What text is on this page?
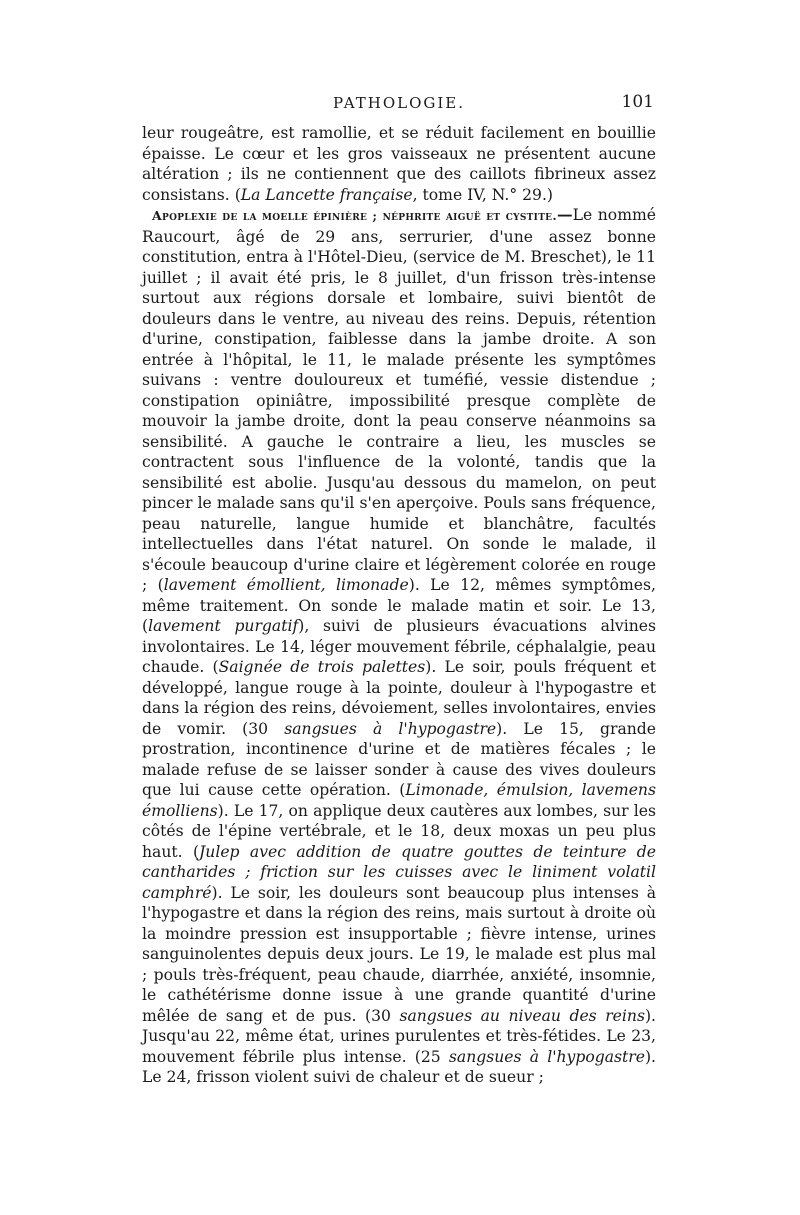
PATHOLOGIE.	101

leur rougeâtre, est ramollie, et se réduit facilement en bouillie épaisse. Le cœur et les gros vaisseaux ne présentent aucune altération ; ils ne contiennent que des caillots fibrineux assez consistans. (La Lancette française, tome IV, N.° 29.)

Apoplexie de la moelle épinière ; néphrite aiguë et cystite.—Le nommé Raucourt, âgé de 29 ans, serrurier, d'une assez bonne constitution, entra à l'Hôtel-Dieu, (service de M. Breschet), le 11 juillet ; il avait été pris, le 8 juillet, d'un frisson très-intense surtout aux régions dorsale et lombaire, suivi bientôt de douleurs dans le ventre, au niveau des reins. Depuis, rétention d'urine, constipation, faiblesse dans la jambe droite. A son entrée à l'hôpital, le 11, le malade présente les symptômes suivans : ventre douloureux et tuméfié, vessie distendue ; constipation opiniâtre, impossibilité presque complète de mouvoir la jambe droite, dont la peau conserve néanmoins sa sensibilité. A gauche le contraire a lieu, les muscles se contractent sous l'influence de la volonté, tandis que la sensibilité est abolie. Jusqu'au dessous du mamelon, on peut pincer le malade sans qu'il s'en aperçoive. Pouls sans fréquence, peau naturelle, langue humide et blanchâtre, facultés intellectuelles dans l'état naturel. On sonde le malade, il s'écoule beaucoup d'urine claire et légèrement colorée en rouge ; (lavement émollient, limonade). Le 12, mêmes symptômes, même traitement. On sonde le malade matin et soir. Le 13, (lavement purgatif), suivi de plusieurs évacuations alvines involontaires. Le 14, léger mouvement fébrile, céphalalgie, peau chaude. (Saignée de trois palettes). Le soir, pouls fréquent et développé, langue rouge à la pointe, douleur à l'hypogastre et dans la région des reins, dévoiement, selles involontaires, envies de vomir. (30 sangsues à l'hypogastre). Le 15, grande prostration, incontinence d'urine et de matières fécales ; le malade refuse de se laisser sonder à cause des vives douleurs que lui cause cette opération. (Limonade, émulsion, lavemens émolliens). Le 17, on applique deux cautères aux lombes, sur les côtés de l'épine vertébrale, et le 18, deux moxas un peu plus haut. (Julep avec addition de quatre gouttes de teinture de cantharides ; friction sur les cuisses avec le liniment volatil camphré). Le soir, les douleurs sont beaucoup plus intenses à l'hypogastre et dans la région des reins, mais surtout à droite où la moindre pression est insupportable ; fièvre intense, urines sanguinolentes depuis deux jours. Le 19, le malade est plus mal ; pouls très-fréquent, peau chaude, diarrhée, anxiété, insomnie, le cathétérisme donne issue à une grande quantité d'urine mêlée de sang et de pus. (30 sangsues au niveau des reins). Jusqu'au 22, même état, urines purulentes et très-fétides. Le 23, mouvement fébrile plus intense. (25 sangsues à l'hypogastre). Le 24, frisson violent suivi de chaleur et de sueur ;
